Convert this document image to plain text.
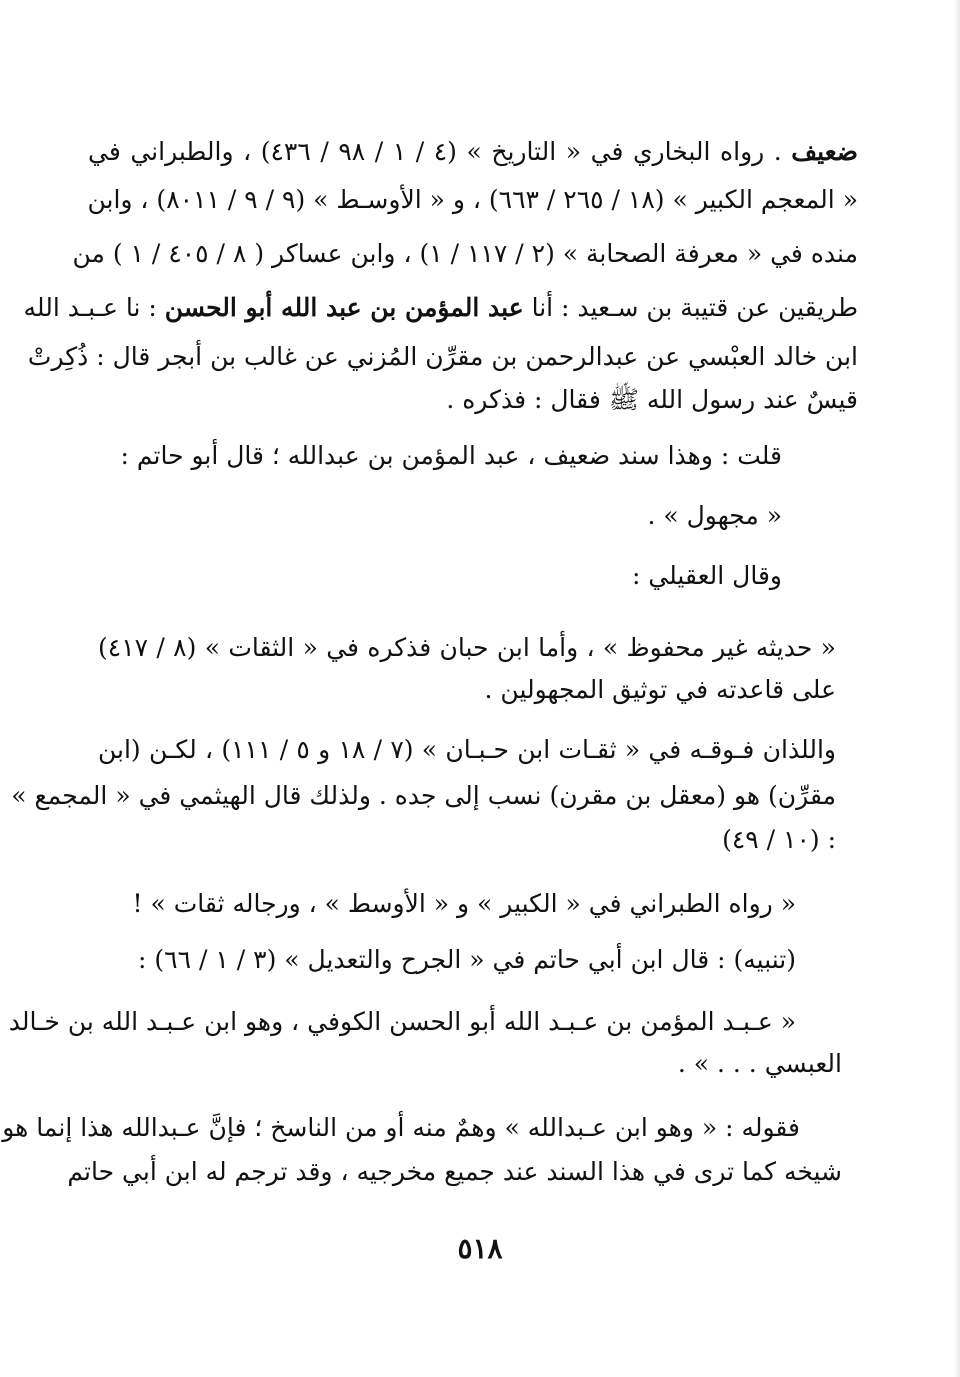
ضعيف . رواه البخاري في « التاريخ » (٤ / ١ / ٩٨ / ٤٣٦) ، والطبراني في
« المعجم الكبير » (١٨ / ٢٦٥ / ٦٦٣) ، و « الأوسـط » (٩ / ٩ / ٨٠١١) ، وابن
منده في « معرفة الصحابة » (٢ / ١١٧ / ١) ، وابن عساكر ( ٨ / ٤٠٥ / ١ ) من
طريقين عن قتيبة بن سـعيد : أنا عبد المؤمن بن عبد الله أبو الحسن : نا عـبـد الله
ابن خالد العبْسي عن عبدالرحمن بن مقرِّن المُزني عن غالب بن أبجر قال : ذُكِرتْ
قيسٌ عند رسول الله ﷺ فقال : فذكره .
قلت : وهذا سند ضعيف ، عبد المؤمن بن عبدالله ؛ قال أبو حاتم :
« مجهول » .
وقال العقيلي :
« حديثه غير محفوظ » ، وأما ابن حبان فذكره في « الثقات » (٨ / ٤١٧)
على قاعدته في توثيق المجهولين .
واللذان فـوقـه في « ثقـات ابن حـبـان » (٧ / ١٨ و ٥ / ١١١) ، لكـن (ابن
مقرِّن) هو (معقل بن مقرن) نسب إلى جده . ولذلك قال الهيثمي في « المجمع »
(١٠ / ٤٩) :
« رواه الطبراني في « الكبير » و « الأوسط » ، ورجاله ثقات » !
(تنبيه) : قال ابن أبي حاتم في « الجرح والتعديل » (٣ / ١ / ٦٦) :
« عـبـد المؤمن بن عـبـد الله أبو الحسن الكوفي ، وهو ابن عـبـد الله بن خـالد
العبسي . . . » .
فقوله : « وهو ابن عـبدالله » وهمٌ منه أو من الناسخ ؛ فإنَّ عـبدالله هذا إنما هو
شيخه كما ترى في هذا السند عند جميع مخرجيه ، وقد ترجم له ابن أبي حاتم
٥١٨
